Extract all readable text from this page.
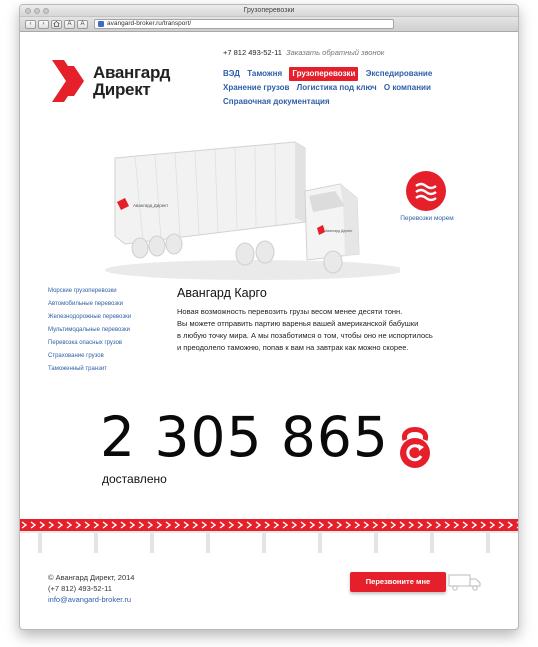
Грузоперевозки
‹	›	A	A	avangard-broker.ru/transport/
Авангард
Директ
+7 812 493-52-11 Заказать обратный звонок
ВЭД Таможня Грузоперевозки Экспедирование Хранение грузов Логистика под ключ О компании Справочная документация
Авангард Директ
Авангард Директ
Перевозки морем
Морские грузоперевозки
Автомобильные перевозки
Железнодорожные перевозки
Мультимодальные перевозки
Перевозка опасных грузов
Страхование грузов
Таможенный транзит
Авангард Карго

Новая возможность перевозить грузы весом менее десяти тонн.

Вы можете отправить партию варенья вашей американской бабушки

в любую точку мира. А мы позаботимся о том, чтобы оно не испортилось

и преодолело таможню, попав к вам на завтрак как можно скорее.

2 305 865
доставлено
© Авангард Директ, 2014
(+7 812) 493-52-11
info@avangard-broker.ru
Перезвоните мне
